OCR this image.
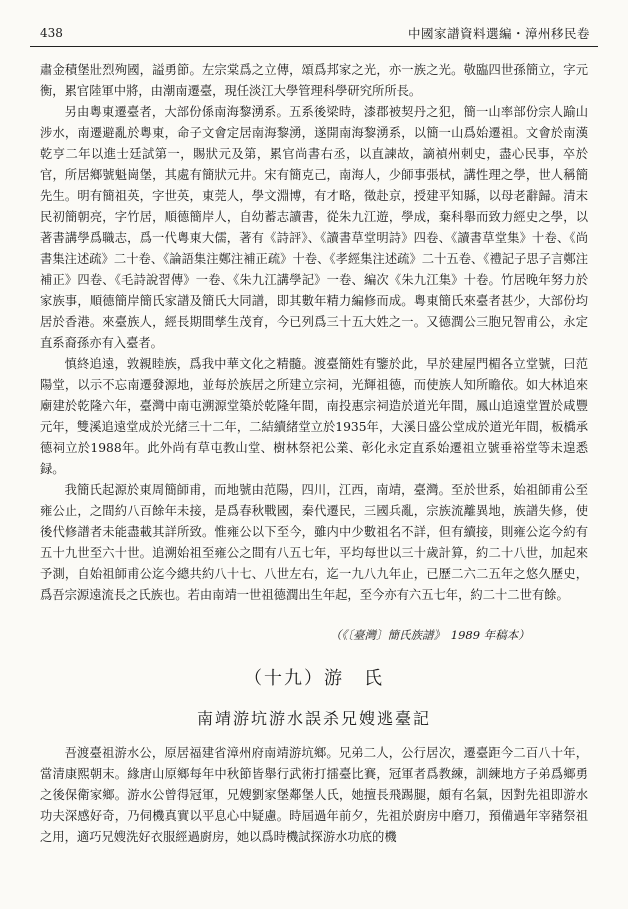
438	中國家譜資料選編・漳州移民卷

肅金積堡壯烈殉國，謚勇節。左宗棠爲之立傳，頌爲邦家之光，亦一族之光。敬臨四世孫簡立，字元衡，累官陸軍中將，由潮南遷臺，現任淡江大學管理科學研究所所長。

另由粵東遷臺者，大部份係南海黎湧系。五系後梁時，漆郡被契丹之犯，簡一山率部份宗人踰山涉水，南遷避亂於粵東，命子文會定居南海黎湧，遂開南海黎湧系，以簡一山爲始遷祖。文會於南漢乾亨二年以進士廷試第一，賜狀元及第，累官尚書右丞，以直諫故，謫禎州刺史，盡心民事，卒於官，所居鄉號魁崗堡，其處有簡狀元井。宋有簡克己，南海人，少師事張栻，講性理之學，世人稱簡先生。明有簡祖英，字世英，東莞人，學文淵博，有才略，徵赴京，授建平知縣，以母老辭歸。清末民初簡朝亮，字竹居，順德簡岸人，自幼蓄志讀書，從朱九江遊，學成，棄科舉而致力經史之學，以著書講學爲職志，爲一代粵東大儒，著有《詩評》、《讀書草堂明詩》四卷、《讀書草堂集》十卷、《尚書集注述疏》二十卷、《論語集注鄭注補正疏》十卷、《孝經集注述疏》二十五卷、《禮記子思子言鄭注補正》四卷、《毛詩說習傳》一卷、《朱九江講學記》一卷、編次《朱九江集》十卷。竹居晚年努力於家族事，順德簡岸簡氏家譜及簡氏大同譜，即其數年精力編修而成。粵東簡氏來臺者甚少，大部份均居於香港。來臺族人，經長期間孳生茂育，今已列爲三十五大姓之一。又德潤公三胞兄智甫公，永定直系裔孫亦有入臺者。

慎終追遠，敦親睦族，爲我中華文化之精髓。渡臺簡姓有鑒於此，早於建屋門楣各立堂號，曰范陽堂，以示不忘南遷發源地，並每於族居之所建立宗祠，光輝祖德，而使族人知所瞻依。如大林追來廟建於乾隆六年，臺灣中南屯溯源堂築於乾隆年間，南投惠宗祠造於道光年間，鳳山追遠堂置於咸豐元年，雙溪追遠堂成於光緒三十二年，二結續緒堂立於1935年，大溪日盛公堂成於道光年間，板橋承德祠立於1988年。此外尚有草屯教山堂、樹林祭祀公業、彰化永定直系始遷祖立號垂裕堂等未遑悉録。

我簡氏起源於東周簡師甫，而地號由范陽，四川，江西，南靖，臺灣。至於世系，始祖師甫公至雍公止，之間約八百餘年未接，是爲春秋戰國，秦代遷民，三國兵亂，宗族流離異地，族譜失修，使後代修譜者未能盡載其詳所致。惟雍公以下至今，雖内中少數祖名不詳，但有續接，則雍公迄今約有五十九世至六十世。追溯始祖至雍公之間有八五七年，平均每世以三十歲計算，約二十八世，加起來予測，自始祖師甫公迄今總共約八十七、八世左右，迄一九八九年止，已歷二六二五年之悠久歷史，爲吾宗源遠流長之氏族也。若由南靖一世祖德潤出生年起，至今亦有六五七年，約二十二世有餘。

（《〔臺灣〕簡氏族譜》　1989 年稿本）
（十九）游　氏
南靖游坑游水誤杀兄嫂逃臺記

吾渡臺祖游水公，原居福建省漳州府南靖游坑鄉。兄弟二人，公行居次，遷臺距今二百八十年，當清康熙朝末。緣唐山原鄉每年中秋節皆舉行武術打擂臺比賽，冠軍者爲教練，訓練地方子弟爲鄉勇之後保衛家鄉。游水公曾得冠軍，兄嫂劉家堡鄰堡人氏，她擅長飛踢腿，頗有名氣，因對先祖即游水功夫深感好奇，乃伺機真實以平息心中疑慮。時屆過年前夕，先祖於廚房中磨刀，預備過年宰豬祭祖之用，適巧兄嫂洗好衣服經過廚房，她以爲時機試探游水功底的機
